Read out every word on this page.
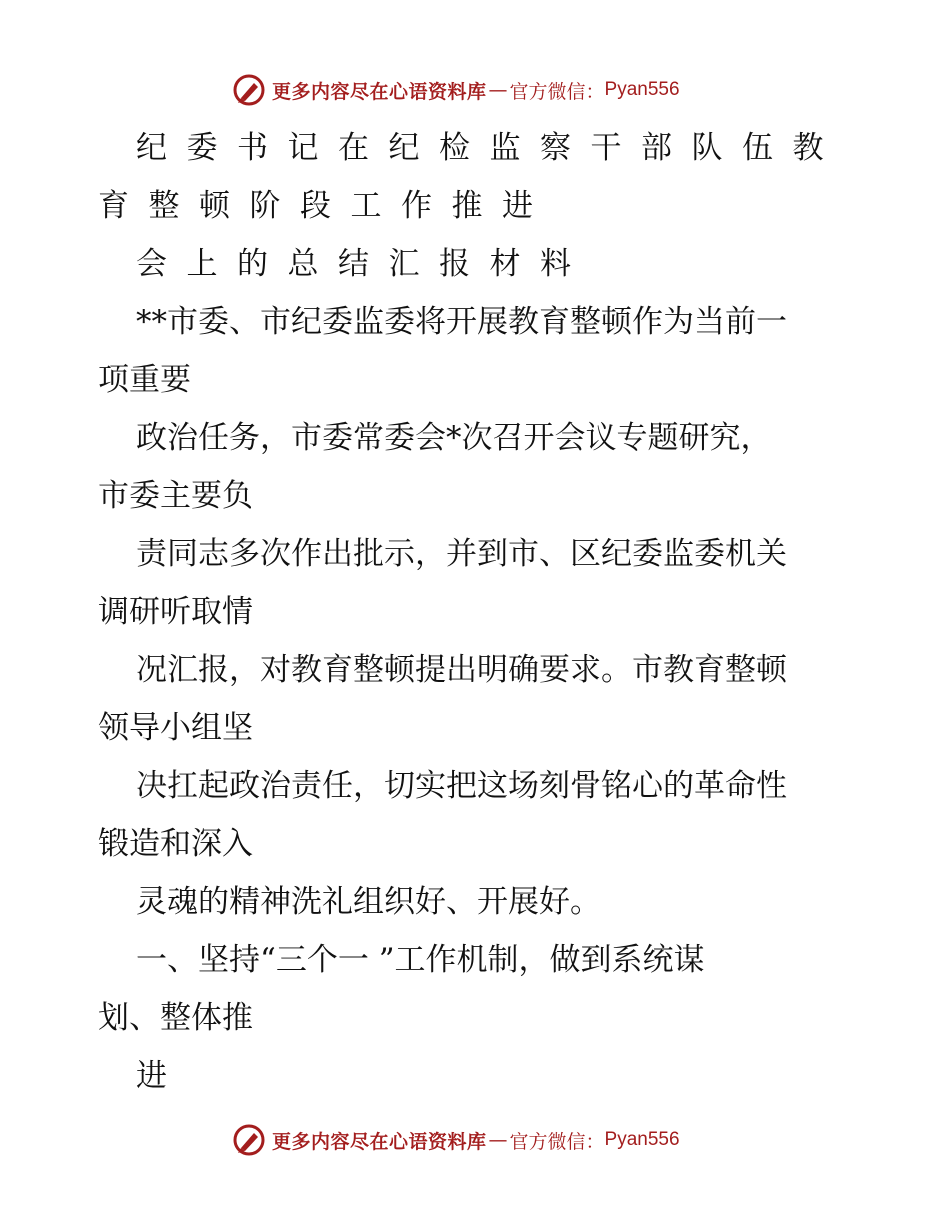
更多内容尽在心语资料库 — 官方微信： Pyan556

纪委书记在纪检监察干部队伍教

育整顿阶段工作推进

会上的总结汇报材料

**市委、市纪委监委将开展教育整顿作为当前一

项重要

政治任务，市委常委会*次召开会议专题研究，

市委主要负

责同志多次作出批示，并到市、区纪委监委机关

调研听取情

况汇报，对教育整顿提出明确要求。市教育整顿

领导小组坚

决扛起政治责任，切实把这场刻骨铭心的革命性

锻造和深入

灵魂的精神洗礼组织好、开展好。

一、坚持“三个一 ”工作机制，做到系统谋

划、整体推

进

更多内容尽在心语资料库 — 官方微信： Pyan556
